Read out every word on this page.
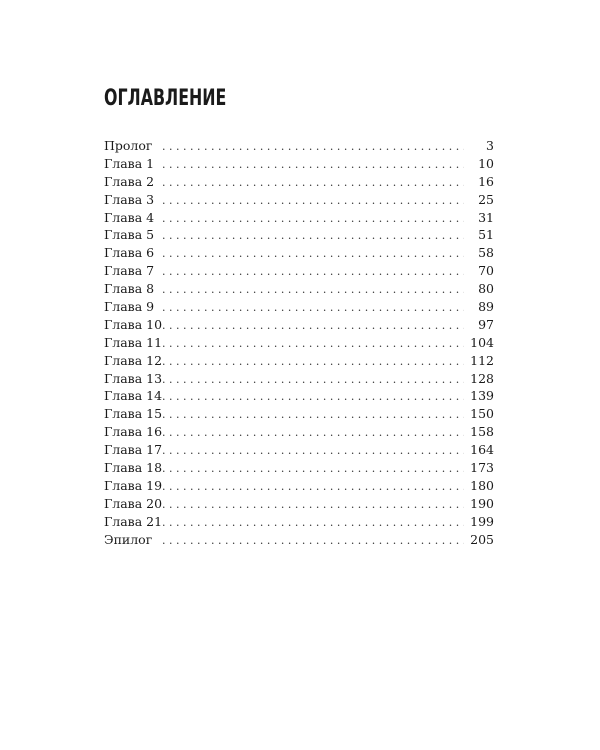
ОГЛАВЛЕНИЕ
Пролог . . .	3
Глава 1 . . .	10
Глава 2 . . .	16
Глава 3 . . .	25
Глава 4 . . .	31
Глава 5 . . .	51
Глава 6 . . .	58
Глава 7 . . .	70
Глава 8 . . .	80
Глава 9 . . .	89
Глава 10 . . .	97
Глава 11 . . .	104
Глава 12 . . .	112
Глава 13 . . .	128
Глава 14 . . .	139
Глава 15 . . .	150
Глава 16 . . .	158
Глава 17 . . .	164
Глава 18 . . .	173
Глава 19 . . .	180
Глава 20 . . .	190
Глава 21 . . .	199
Эпилог . . .	205
